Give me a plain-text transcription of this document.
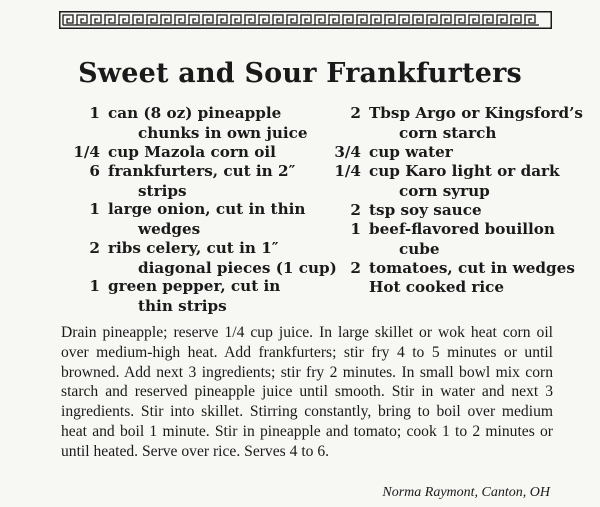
Sweet and Sour Frankfurters
1 can (8 oz) pineapple
chunks in own juice
1/4 cup Mazola corn oil
6 frankfurters, cut in 2″
strips
1 large onion, cut in thin
wedges
2 ribs celery, cut in 1″
diagonal pieces (1 cup)
1 green pepper, cut in
thin strips
2 Tbsp Argo or Kingsford’s
corn starch
3/4 cup water
1/4 cup Karo light or dark
corn syrup
2 tsp soy sauce
1 beef-flavored bouillon
cube
2 tomatoes, cut in wedges
Hot cooked rice
Drain pineapple; reserve 1/4 cup juice. In large skillet or wok heat corn oil over medium-high heat. Add frankfurters; stir fry 4 to 5 minutes or until browned. Add next 3 ingredients; stir fry 2 minutes. In small bowl mix corn starch and reserved pineapple juice until smooth. Stir in water and next 3 ingredients. Stir into skillet. Stirring constantly, bring to boil over medium heat and boil 1 minute. Stir in pineapple and tomato; cook 1 to 2 minutes or until heated. Serve over rice. Serves 4 to 6.
Norma Raymont, Canton, OH
